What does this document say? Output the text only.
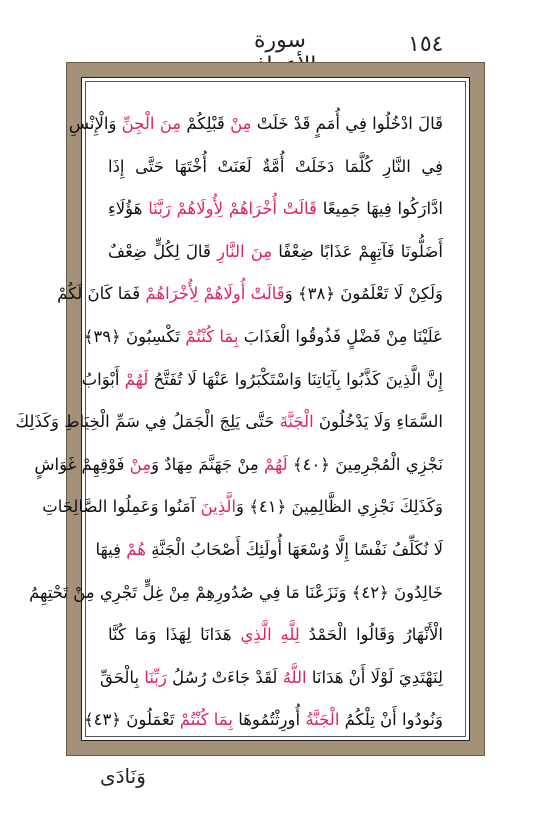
سورة	١٥٤
قَالَ ادْخُلُوا فِي أُمَمٍ قَدْ خَلَتْ مِنْ قَبْلِكُمْ مِنَ الْجِنِّ وَالْإِنْسِ
فِي النَّارِ كُلَّمَا دَخَلَتْ أُمَّةٌ لَعَنَتْ أُخْتَهَا حَتَّى إِذَا
ادَّارَكُوا فِيهَا جَمِيعًا قَالَتْ أُخْرَاهُمْ لِأُولَاهُمْ رَبَّنَا هَؤُلَاءِ
أَضَلُّونَا فَآتِهِمْ عَذَابًا ضِعْفًا مِنَ النَّارِ قَالَ لِكُلٍّ ضِعْفٌ
وَلَكِنْ لَا تَعْلَمُونَ ﴿٣٨﴾ وَقَالَتْ أُولَاهُمْ لِأُخْرَاهُمْ فَمَا كَانَ لَكُمْ
عَلَيْنَا مِنْ فَضْلٍ فَذُوقُوا الْعَذَابَ بِمَا كُنْتُمْ تَكْسِبُونَ ﴿٣٩﴾
إِنَّ الَّذِينَ كَذَّبُوا بِآيَاتِنَا وَاسْتَكْبَرُوا عَنْهَا لَا تُفَتَّحُ لَهُمْ أَبْوَابُ
السَّمَاءِ وَلَا يَدْخُلُونَ الْجَنَّةَ حَتَّى يَلِجَ الْجَمَلُ فِي سَمِّ الْخِيَاطِ وَكَذَلِكَ
نَجْزِي الْمُجْرِمِينَ ﴿٤٠﴾ لَهُمْ مِنْ جَهَنَّمَ مِهَادٌ وَمِنْ فَوْقِهِمْ غَوَاشٍ
وَكَذَلِكَ نَجْزِي الظَّالِمِينَ ﴿٤١﴾ وَالَّذِينَ آمَنُوا وَعَمِلُوا الصَّالِحَاتِ
لَا نُكَلِّفُ نَفْسًا إِلَّا وُسْعَهَا أُولَئِكَ أَصْحَابُ الْجَنَّةِ هُمْ فِيهَا
خَالِدُونَ ﴿٤٢﴾ وَنَزَعْنَا مَا فِي صُدُورِهِمْ مِنْ غِلٍّ تَجْرِي مِنْ تَحْتِهِمُ
الْأَنْهَارُ وَقَالُوا الْحَمْدُ لِلَّهِ الَّذِي هَدَانَا لِهَذَا وَمَا كُنَّا
لِنَهْتَدِيَ لَوْلَا أَنْ هَدَانَا اللَّهُ لَقَدْ جَاءَتْ رُسُلُ رَبِّنَا بِالْحَقِّ
وَنُودُوا أَنْ تِلْكُمُ الْجَنَّةُ أُورِثْتُمُوهَا بِمَا كُنْتُمْ تَعْمَلُونَ ﴿٤٣﴾
وَنَادَى
